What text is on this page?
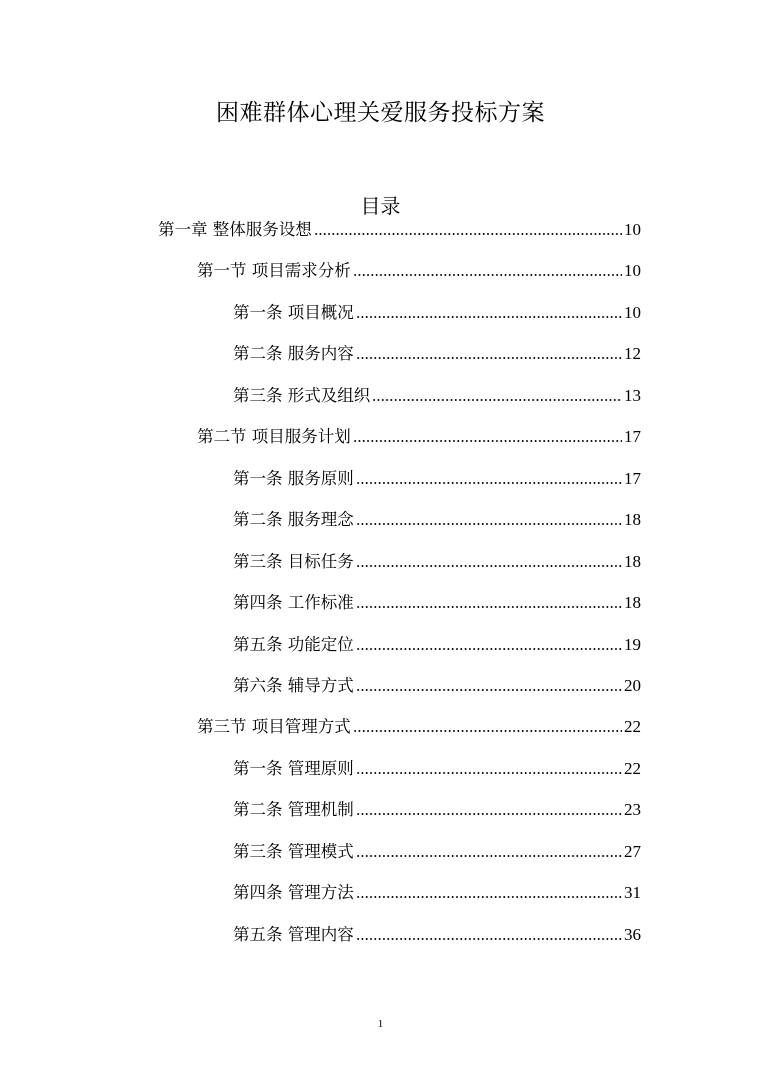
困难群体心理关爱服务投标方案
目录
第一章 整体服务设想	10
第一节 项目需求分析	10
第一条 项目概况	10
第二条 服务内容	12
第三条 形式及组织	13
第二节 项目服务计划	17
第一条 服务原则	17
第二条 服务理念	18
第三条 目标任务	18
第四条 工作标准	18
第五条 功能定位	19
第六条 辅导方式	20
第三节 项目管理方式	22
第一条 管理原则	22
第二条 管理机制	23
第三条 管理模式	27
第四条 管理方法	31
第五条 管理内容	36
1
